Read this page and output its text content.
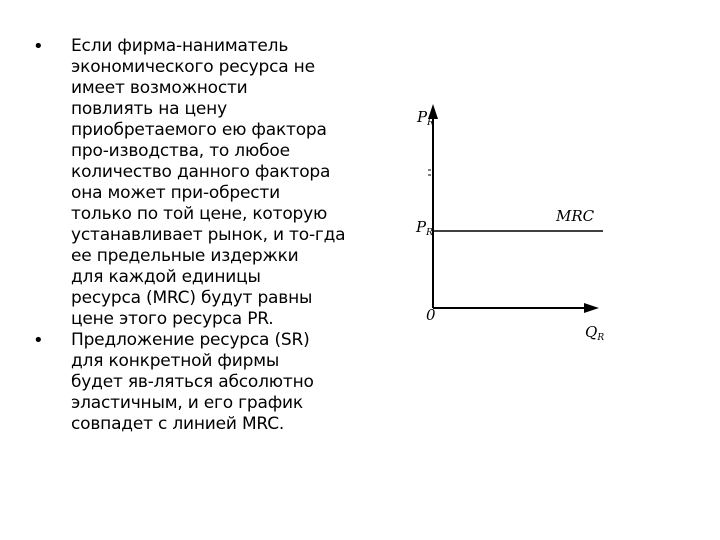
• Если фирма-наниматель
экономического ресурса не
имеет возможности
повлиять на цену
приобретаемого ею фактора
про-изводства, то любое
количество данного фактора
она может при-обрести
только по той цене, которую
устанавливает рынок, и то-гда
ее предельные издержки
для каждой единицы
ресурса (MRC) будут равны
цене этого ресурса PR.
• Предложение ресурса (SR)
для конкретной фирмы
будет яв-ляться абсолютно
эластичным, и его график
совпадет с линией MRC.
$P_R$
$P_R$
MRC
0
$Q_R$
